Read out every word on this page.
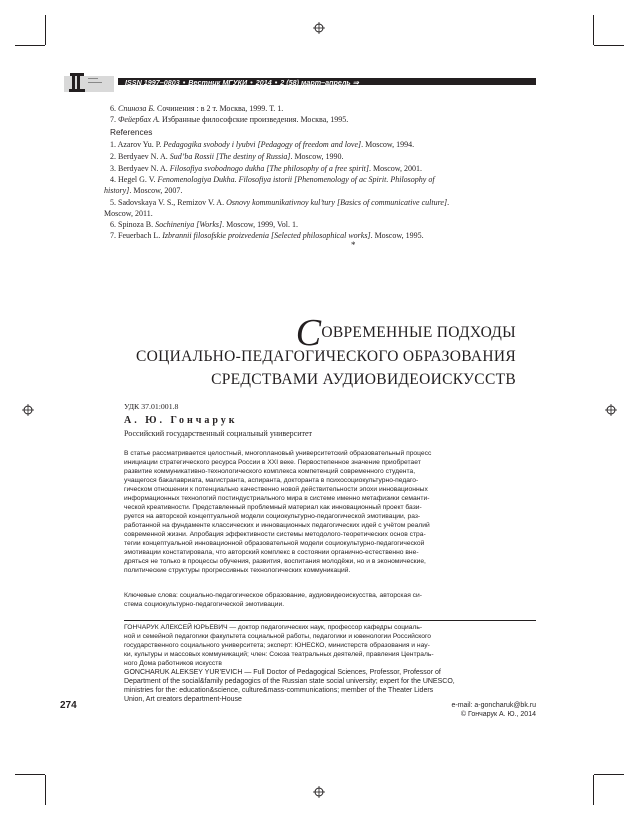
ISSN 1997–0803 • Вестник МГУКИ • 2014 • 2 (58) март–апрель ⇒
6. Спиноза Б. Сочинения : в 2 т. Москва, 1999. Т. 1.
7. Фейербах А. Избранные философские произведения. Москва, 1995.
References
1. Azarov Yu. P. Pedagogika svobody i lyubvi [Pedagogy of freedom and love]. Moscow, 1994.
2. Berdyaev N. A. Sud’ba Rossii [The destiny of Russia]. Moscow, 1990.
3. Berdyaev N. A. Filosofiya svobodnogo dukha [The philosophy of a free spirit]. Moscow, 2001.
4. Hegel G. V. Fenomenologiya Dukha. Filosofiya istorii [Phenomenology of ac Spirit. Philosophy of
history]. Moscow, 2007.
5. Sadovskaya V. S., Remizov V. A. Osnovy kommunikativnoy kul’tury [Basics of communicative culture].
Moscow, 2011.
6. Spinoza B. Sochineniya [Works]. Moscow, 1999, Vol. 1.
7. Feuerbach L. Izbrannii filosofskie proizvedenia [Selected philosophical works]. Moscow, 1995.
*
СОВРЕМЕННЫЕ ПОДХОДЫ
СОЦИАЛЬНО-ПЕДАГОГИЧЕСКОГО ОБРАЗОВАНИЯ
СРЕДСТВАМИ АУДИОВИДЕОИСКУССТВ
УДК 37.01:001.8
А. Ю. Гончарук
Российский государственный социальный университет
В статье рассматривается целостный, многоплановый университетский образовательный процесс
инициации стратегического ресурса России в XXI веке. Первостепенное значение приобретает
развитие коммуникативно-технологического комплекса компетенций современного студента,
учащегося бакалавриата, магистранта, аспиранта, докторанта в психосоциокультурно-педаго-
гическом отношении к потенциально качественно новой действительности эпохи инновационных
информационных технологий постиндустриального мира в системе именно метафизики семанти-
ческой креативности. Представленный проблемный материал как инновационный проект бази-
руется на авторской концептуальной модели социокультурно-педагогической эмотивации, раз-
работанной на фундаменте классических и инновационных педагогических идей с учётом реалий
современной жизни. Апробация эффективности системы методолого-теоретических основ стра-
тегии концептуальной инновационной образовательной модели социокультурно-педагогической
эмотивации констатировала, что авторский комплекс в состоянии органично-естественно вне-
дряться не только в процессы обучения, развития, воспитания молодёжи, но и в экономические,
политические структуры прогрессивных технологических коммуникаций.
Ключевые слова: социально-педагогическое образование, аудиовидеоискусства, авторская си-
стема социокультурно-педагогической эмотивации.
ГОНЧАРУК АЛЕКСЕЙ ЮРЬЕВИЧ — доктор педагогических наук, профессор кафедры социаль-
ной и семейной педагогики факультета социальной работы, педагогики и ювенологии Российского
государственного социального университета; эксперт: ЮНЕСКО, министерств образования и нау-
ки, культуры и массовых коммуникаций; член: Союза театральных деятелей, правления Централь-
ного Дома работников искусств
GONCHARUK ALEKSEY YUR’EVICH — Full Doctor of Pedagogical Sciences, Professor, Professor of
Department of the social&family pedagogics of the Russian state social university; expert for the UNESCO,
ministries for the: education&science, culture&mass-communications; member of the Theater Liders
Union, Art creators department-House
274	e-mail: a-goncharuk@bk.ru
© Гончарук А. Ю., 2014
